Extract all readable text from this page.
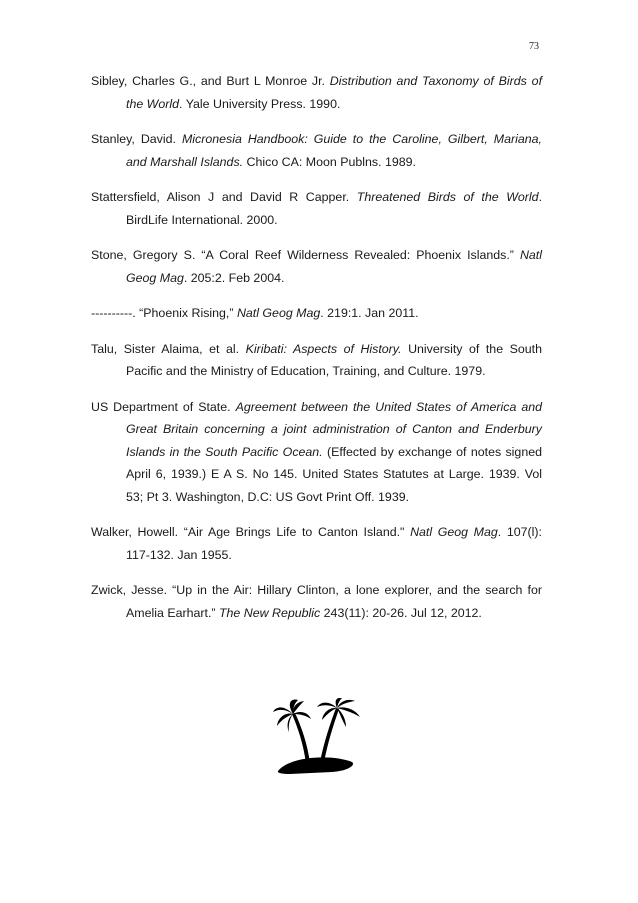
73

Sibley, Charles G., and Burt L Monroe Jr. Distribution and Taxonomy of Birds of the World. Yale University Press. 1990.

Stanley, David. Micronesia Handbook: Guide to the Caroline, Gilbert, Mariana, and Marshall Islands. Chico CA: Moon Publns. 1989.

Stattersfield, Alison J and David R Capper. Threatened Birds of the World. BirdLife International. 2000.

Stone, Gregory S. “A Coral Reef Wilderness Revealed: Phoenix Islands.” Natl Geog Mag. 205:2. Feb 2004.

----------. “Phoenix Rising,” Natl Geog Mag. 219:1. Jan 2011.

Talu, Sister Alaima, et al. Kiribati: Aspects of History. University of the South Pacific and the Ministry of Education, Training, and Culture. 1979.

US Department of State. Agreement between the United States of America and Great Britain concerning a joint administration of Canton and Enderbury Islands in the South Pacific Ocean. (Effected by exchange of notes signed April 6, 1939.) E A S. No 145. United States Statutes at Large. 1939. Vol 53; Pt 3. Washington, D.C: US Govt Print Off. 1939.

Walker, Howell. “Air Age Brings Life to Canton Island." Natl Geog Mag. 107(l): 117-132. Jan 1955.

Zwick, Jesse. “Up in the Air: Hillary Clinton, a lone explorer, and the search for Amelia Earhart.” The New Republic 243(11): 20-26. Jul 12, 2012.
